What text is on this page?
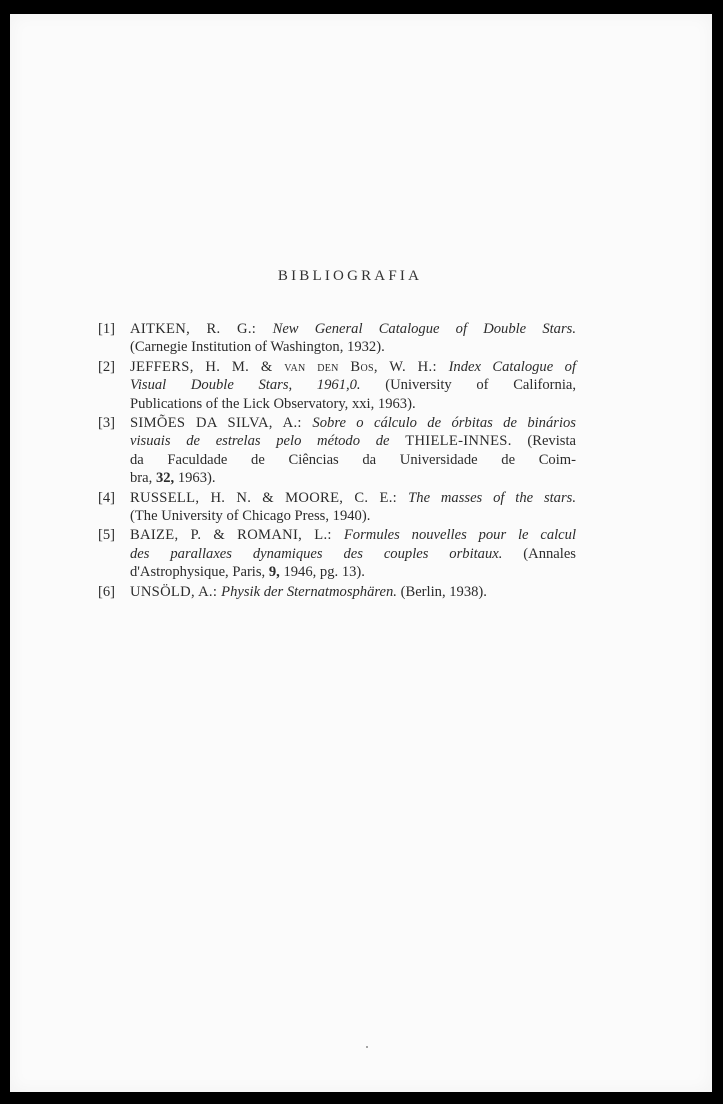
BIBLIOGRAFIA
[1]	AITKEN, R. G.: New General Catalogue of Double Stars.
(Carnegie Institution of Washington, 1932).
[2]	JEFFERS, H. M. & van den Bos, W. H.: Index Catalogue of
Visual Double Stars, 1961,0. (University of California,
Publications of the Lick Observatory, xxi, 1963).
[3]	SIMÕES DA SILVA, A.: Sobre o cálculo de órbitas de binários
visuais de estrelas pelo método de THIELE-INNES. (Revista
da Faculdade de Ciências da Universidade de Coim-
bra, 32, 1963).
[4]	RUSSELL, H. N. & MOORE, C. E.: The masses of the stars.
(The University of Chicago Press, 1940).
[5]	BAIZE, P. & ROMANI, L.: Formules nouvelles pour le calcul
des parallaxes dynamiques des couples orbitaux. (Annales
d'Astrophysique, Paris, 9, 1946, pg. 13).
[6]	UNSÖLD, A.: Physik der Sternatmosphären. (Berlin, 1938).
